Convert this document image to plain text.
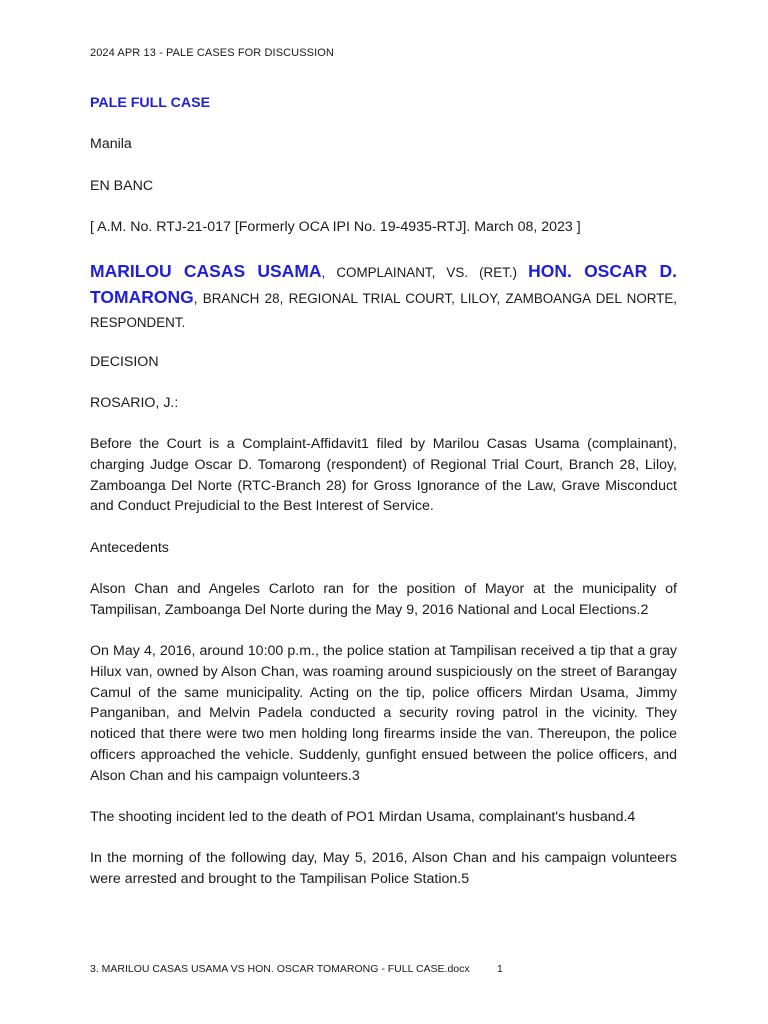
2024 APR 13 - PALE CASES FOR DISCUSSION

PALE FULL CASE

Manila

EN BANC

[ A.M. No. RTJ-21-017 [Formerly OCA IPI No. 19-4935-RTJ]. March 08, 2023 ]

MARILOU CASAS USAMA, COMPLAINANT, VS. (RET.) HON. OSCAR D. TOMARONG, BRANCH 28, REGIONAL TRIAL COURT, LILOY, ZAMBOANGA DEL NORTE, RESPONDENT.

DECISION

ROSARIO, J.:

Before the Court is a Complaint-Affidavit1 filed by Marilou Casas Usama (complainant), charging Judge Oscar D. Tomarong (respondent) of Regional Trial Court, Branch 28, Liloy, Zamboanga Del Norte (RTC-Branch 28) for Gross Ignorance of the Law, Grave Misconduct and Conduct Prejudicial to the Best Interest of Service.

Antecedents

Alson Chan and Angeles Carloto ran for the position of Mayor at the municipality of Tampilisan, Zamboanga Del Norte during the May 9, 2016 National and Local Elections.2

On May 4, 2016, around 10:00 p.m., the police station at Tampilisan received a tip that a gray Hilux van, owned by Alson Chan, was roaming around suspiciously on the street of Barangay Camul of the same municipality. Acting on the tip, police officers Mirdan Usama, Jimmy Panganiban, and Melvin Padela conducted a security roving patrol in the vicinity. They noticed that there were two men holding long firearms inside the van. Thereupon, the police officers approached the vehicle. Suddenly, gunfight ensued between the police officers, and Alson Chan and his campaign volunteers.3

The shooting incident led to the death of PO1 Mirdan Usama, complainant's husband.4

In the morning of the following day, May 5, 2016, Alson Chan and his campaign volunteers were arrested and brought to the Tampilisan Police Station.5

3. MARILOU CASAS USAMA VS HON. OSCAR TOMARONG - FULL CASE.docx	1
